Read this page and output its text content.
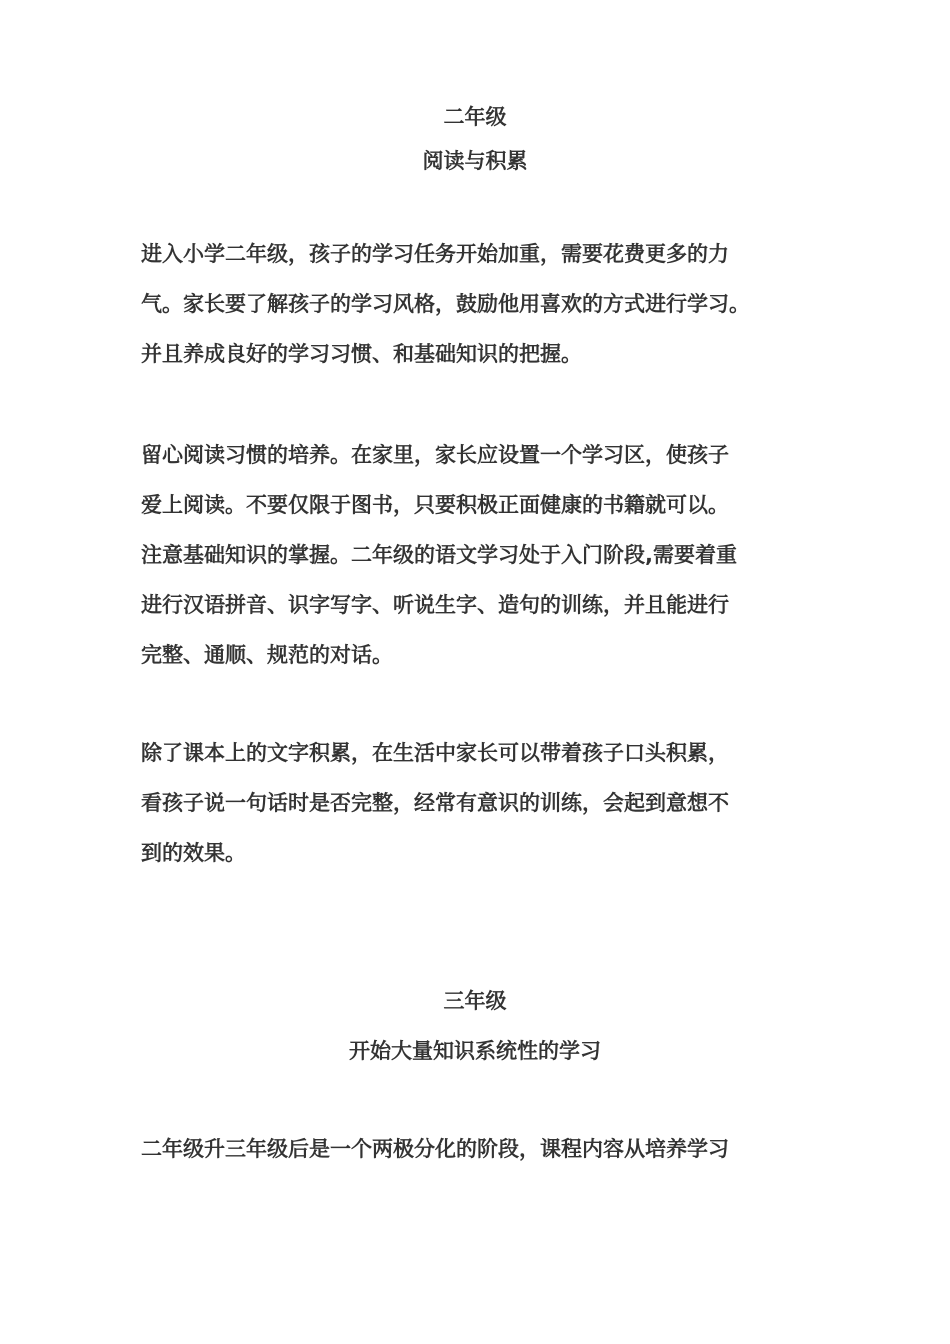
二年级
阅读与积累
进入小学二年级，孩子的学习任务开始加重，需要花费更多的力
气。家长要了解孩子的学习风格，鼓励他用喜欢的方式进行学习。
并且养成良好的学习习惯、和基础知识的把握。
留心阅读习惯的培养。在家里，家长应设置一个学习区，使孩子
爱上阅读。不要仅限于图书，只要积极正面健康的书籍就可以。
注意基础知识的掌握。二年级的语文学习处于入门阶段,需要着重
进行汉语拼音、识字写字、听说生字、造句的训练，并且能进行
完整、通顺、规范的对话。
除了课本上的文字积累，在生活中家长可以带着孩子口头积累，
看孩子说一句话时是否完整，经常有意识的训练，会起到意想不
到的效果。
三年级
开始大量知识系统性的学习
二年级升三年级后是一个两极分化的阶段，课程内容从培养学习
